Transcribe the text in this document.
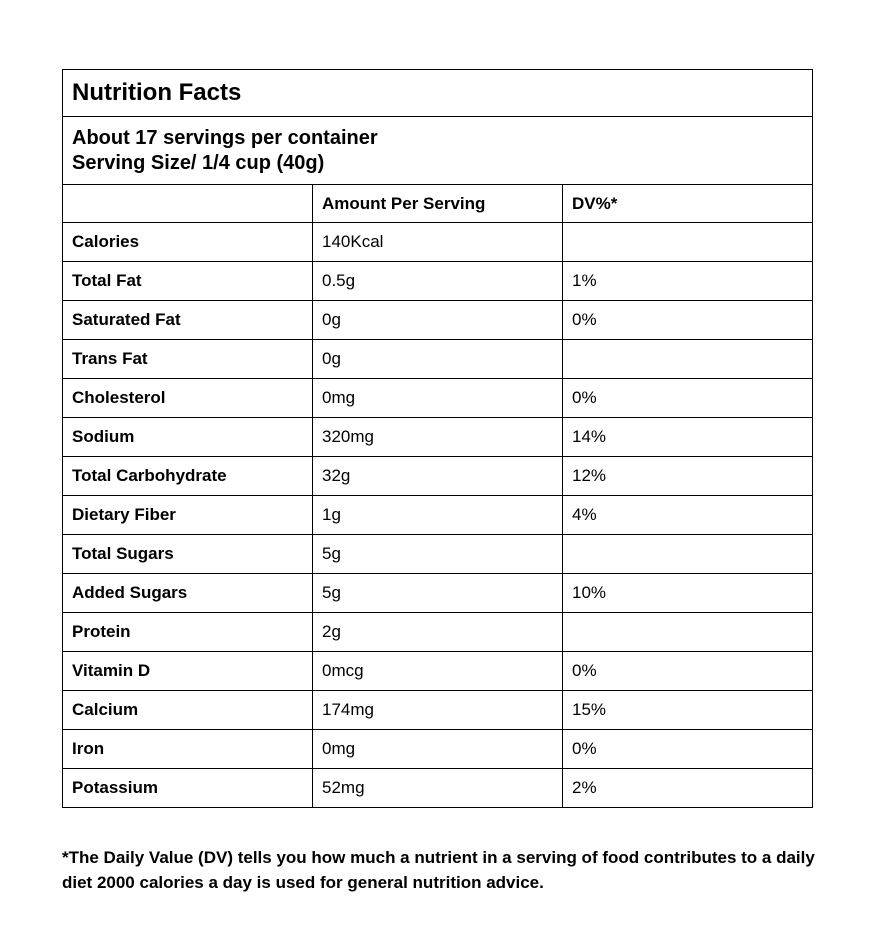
Nutrition Facts		

About 17 servings per container
Serving Size/ 1/4 cup (40g)		

	Amount Per Serving	DV%*
Calories	140Kcal	
Total Fat	0.5g	1%
Saturated Fat	0g	0%
Trans Fat	0g	
Cholesterol	0mg	0%
Sodium	320mg	14%
Total Carbohydrate	32g	12%
Dietary Fiber	1g	4%
Total Sugars	5g	
Added Sugars	5g	10%
Protein	2g	
Vitamin D	0mcg	0%
Calcium	174mg	15%
Iron	0mg	0%
Potassium	52mg	2%
*The Daily Value (DV) tells you how much a nutrient in a serving of food contributes to a daily diet 2000 calories a day is used for general nutrition advice.
